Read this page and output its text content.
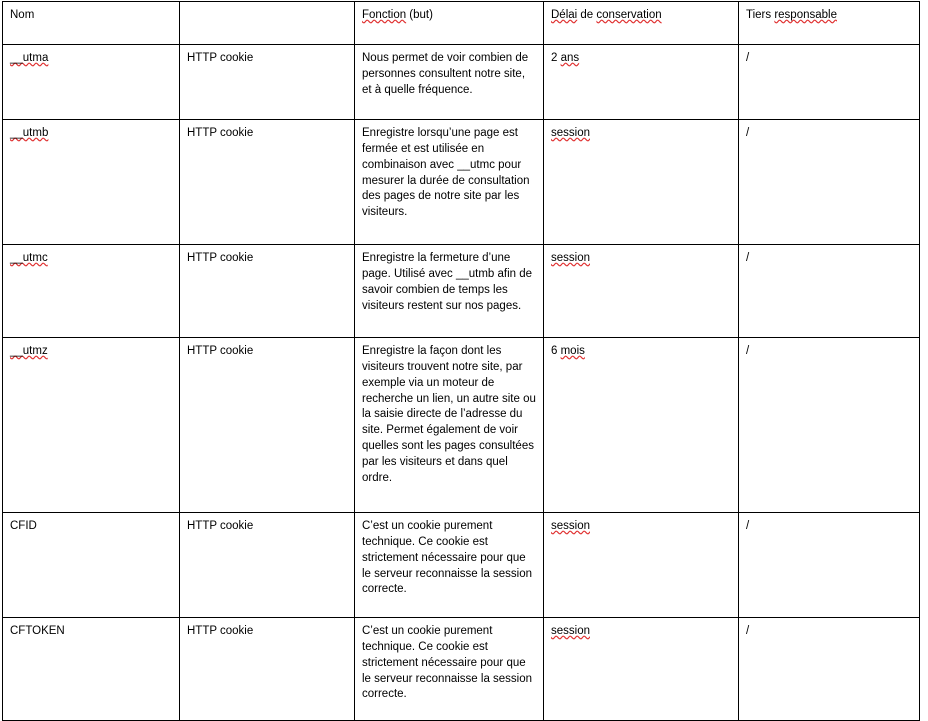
Nom		Fonction (but)	Délai de conservation	Tiers responsable
__utma	HTTP cookie	Nous permet de voir combien de personnes consultent notre site, et à quelle fréquence.	2 ans	/
__utmb	HTTP cookie	Enregistre lorsqu’une page est fermée et est utilisée en combinaison avec __utmc pour mesurer la durée de consultation des pages de notre site par les visiteurs.	session	/
__utmc	HTTP cookie	Enregistre la fermeture d’une page. Utilisé avec __utmb afin de savoir combien de temps les visiteurs restent sur nos pages.	session	/
__utmz	HTTP cookie	Enregistre la façon dont les visiteurs trouvent notre site, par exemple via un moteur de recherche un lien, un autre site ou la saisie directe de l’adresse du site. Permet également de voir quelles sont les pages consultées par les visiteurs et dans quel ordre.	6 mois	/
CFID	HTTP cookie	C’est un cookie purement technique. Ce cookie est strictement nécessaire pour que le serveur reconnaisse la session correcte.	session	/
CFTOKEN	HTTP cookie	C’est un cookie purement technique. Ce cookie est strictement nécessaire pour que le serveur reconnaisse la session correcte.	session	/
